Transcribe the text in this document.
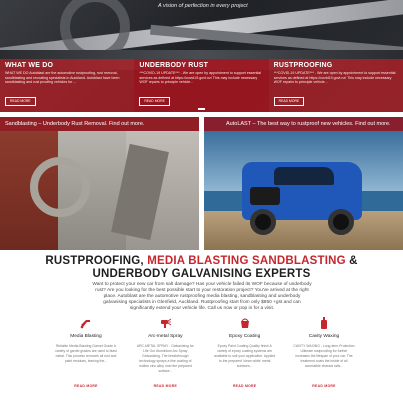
A vision of perfection in every project
WHAT WE DO

WHAT WE DO Autoblast are the automotive rustproofing, rust removal, sandblasting and recoating specialists in Auckland. Autoblast have been sandblasting and rust proofing vehicles for ...

READ MORE
UNDERBODY RUST

***COVID-19 UPDATE*** - We are open by appointment to support essential services as defined at https://covid19.govt.nz/ This may include necessary WOF repairs to principle vehicle...

READ MORE
RUSTPROOFING

***COVID-19 UPDATE*** - We are open by appointment to support essential services as defined at https://covid19.govt.nz/ This may include necessary WOF repairs to principle vehicle...

READ MORE
Sandblasting – Underbody Rust Removal. Find out more.	AutoLAST – The best way to rustproof new vehicles. Find out more.
RUSTPROOFING, MEDIA BLASTING SANDBLASTING &
UNDERBODY GALVANISING EXPERTS
Want to protect your new car from salt damage? Has your vehicle failed its WOF because of underbody rust? Are you looking for the best possible start to your restoration project? You've arrived at the right place. Autoblast are the automotive rustproofing media blasting, sandblasting and underbody galvanising specialists in Glenfield, Auckland. Rustproofing start from only $850 +gst and can significantly extend your vehicle life. Call us now or pop in for a visit.
Media Blasting

Reliable Media Blasting Garnet Grade A variety of garnet grades are used to blast metal. This process removes all rust and paint residues, leaving the...

READ MORE
Arc-metal Spray

ARC-METAL SPRAY - Galvanising for Life Our Aluminium Arc Spray Galvanising. The breakthrough technology sprays a fine coating of molten zinc alloy onto the prepared surface...

READ MORE
Epoxy Coating

Epoxy Paint Coating Quality finish A variety of epoxy coating systems are available to suit your application. Applied to the prepared 'clean white' metal surfaces...

READ MORE
Cavity Waxing

CAVITY WAXING - Long-term Protection Ultimate rustproofing for further increases the lifespan of your car. The treatment coats the inside of all accessible chassis rails...

READ MORE
